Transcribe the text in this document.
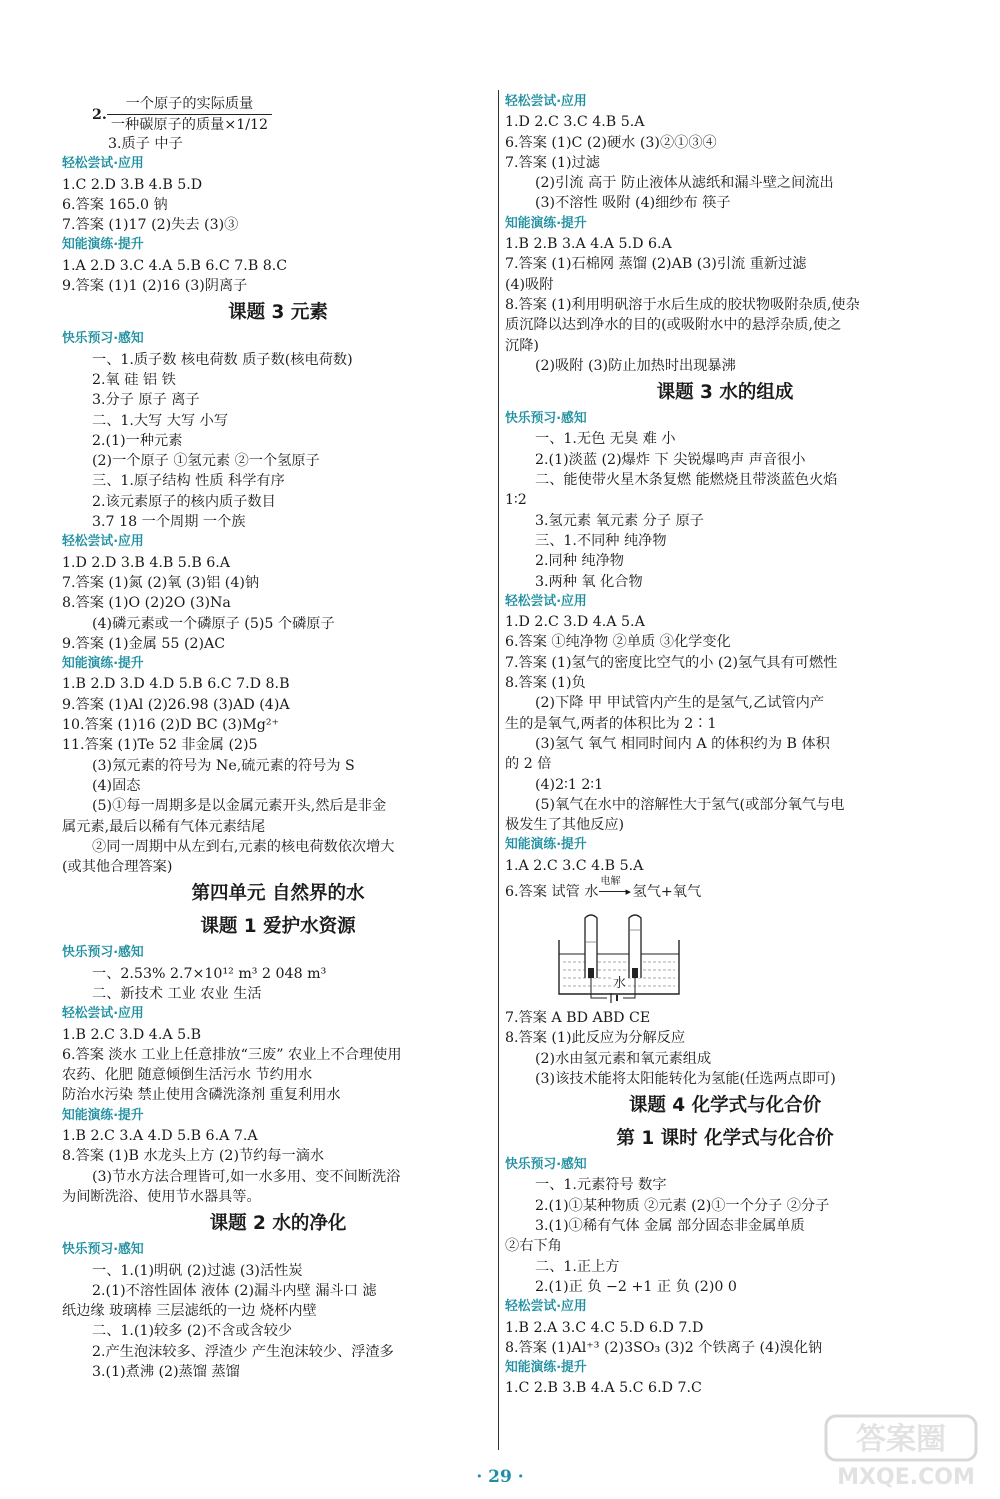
2. $\frac{\text{一个原子的实际质量}}{\text{一种碳原子的质量×1/12}}$
3.质子 中子
轻松尝试·应用
1.C 2.D 3.B 4.B 5.D
6.答案 165.0 钠
7.答案 (1)17 (2)失去 (3)③
知能演练·提升
1.A 2.D 3.C 4.A 5.B 6.C 7.B 8.C
9.答案 (1)1 (2)16 (3)阴离子
课题 3 元素
快乐预习·感知
一、1.质子数 核电荷数 质子数(核电荷数)
2.氧 硅 铝 铁
3.分子 原子 离子
二、1.大写 大写 小写
2.(1)一种元素
(2)一个原子 ①氢元素 ②一个氢原子
三、1.原子结构 性质 科学有序
2.该元素原子的核内质子数目
3.7 18 一个周期 一个族
轻松尝试·应用
1.D 2.D 3.B 4.B 5.B 6.A
7.答案 (1)氮 (2)氧 (3)铝 (4)钠
8.答案 (1)O (2)2O (3)Na
(4)磷元素或一个磷原子 (5)5 个磷原子
9.答案 (1)金属 55 (2)AC
知能演练·提升
1.B 2.D 3.D 4.D 5.B 6.C 7.D 8.B
9.答案 (1)Al (2)26.98 (3)AD (4)A
10.答案 (1)16 (2)D BC (3)Mg²⁺
11.答案 (1)Te 52 非金属 (2)5
(3)氖元素的符号为 Ne,硫元素的符号为 S
(4)固态
(5)①每一周期多是以金属元素开头,然后是非金
属元素,最后以稀有气体元素结尾
②同一周期中从左到右,元素的核电荷数依次增大
(或其他合理答案)
第四单元 自然界的水
课题 1 爱护水资源
快乐预习·感知
一、2.53% 2.7×10¹² m³ 2 048 m³
二、新技术 工业 农业 生活
轻松尝试·应用
1.B 2.C 3.D 4.A 5.B
6.答案 淡水 工业上任意排放“三废” 农业上不合理使用
农药、化肥 随意倾倒生活污水 节约用水
防治水污染 禁止使用含磷洗涤剂 重复利用水
知能演练·提升
1.B 2.C 3.A 4.D 5.B 6.A 7.A
8.答案 (1)B 水龙头上方 (2)节约每一滴水
(3)节水方法合理皆可,如一水多用、变不间断洗浴
为间断洗浴、使用节水器具等。
课题 2 水的净化
快乐预习·感知
一、1.(1)明矾 (2)过滤 (3)活性炭
2.(1)不溶性固体 液体 (2)漏斗内壁 漏斗口 滤
纸边缘 玻璃棒 三层滤纸的一边 烧杯内壁
二、1.(1)较多 (2)不含或含较少
2.产生泡沫较多、浮渣少 产生泡沫较少、浮渣多
3.(1)煮沸 (2)蒸馏 蒸馏
轻松尝试·应用
1.D 2.C 3.C 4.B 5.A
6.答案 (1)C (2)硬水 (3)②①③④
7.答案 (1)过滤
(2)引流 高于 防止液体从滤纸和漏斗壁之间流出
(3)不溶性 吸附 (4)细纱布 筷子
知能演练·提升
1.B 2.B 3.A 4.A 5.D 6.A
7.答案 (1)石棉网 蒸馏 (2)AB (3)引流 重新过滤
(4)吸附
8.答案 (1)利用明矾溶于水后生成的胶状物吸附杂质,使杂
质沉降以达到净水的目的(或吸附水中的悬浮杂质,使之
沉降)
(2)吸附 (3)防止加热时出现暴沸
课题 3 水的组成
快乐预习·感知
一、1.无色 无臭 难 小
2.(1)淡蓝 (2)爆炸 下 尖锐爆鸣声 声音很小
二、能使带火星木条复燃 能燃烧且带淡蓝色火焰
1∶2
3.氢元素 氧元素 分子 原子
三、1.不同种 纯净物
2.同种 纯净物
3.两种 氧 化合物
轻松尝试·应用
1.D 2.C 3.D 4.A 5.A
6.答案 ①纯净物 ②单质 ③化学变化
7.答案 (1)氢气的密度比空气的小 (2)氢气具有可燃性
8.答案 (1)负
(2)下降 甲 甲试管内产生的是氢气,乙试管内产
生的是氧气,两者的体积比为 2∶1
(3)氢气 氧气 相同时间内 A 的体积约为 B 体积
的 2 倍
(4)2∶1 2∶1
(5)氧气在水中的溶解性大于氢气(或部分氧气与电
极发生了其他反应)
知能演练·提升
1.A 2.C 3.C 4.B 5.A
6.答案 试管 水
电解
▸ 氢气+氧气
水
7.答案 A BD ABD CE
8.答案 (1)此反应为分解反应
(2)水由氢元素和氧元素组成
(3)该技术能将太阳能转化为氢能(任选两点即可)
课题 4 化学式与化合价
第 1 课时 化学式与化合价
快乐预习·感知
一、1.元素符号 数字
2.(1)①某种物质 ②元素 (2)①一个分子 ②分子
3.(1)①稀有气体 金属 部分固态非金属单质
②右下角
二、1.正上方
2.(1)正 负 −2 +1 正 负 (2)0 0
轻松尝试·应用
1.B 2.A 3.C 4.C 5.D 6.D 7.D
8.答案 (1)Al⁺³ (2)3SO₃ (3)2 个铁离子 (4)溴化钠
知能演练·提升
1.C 2.B 3.B 4.A 5.C 6.D 7.C
· 29 ·
答案圈
MXQE.COM
